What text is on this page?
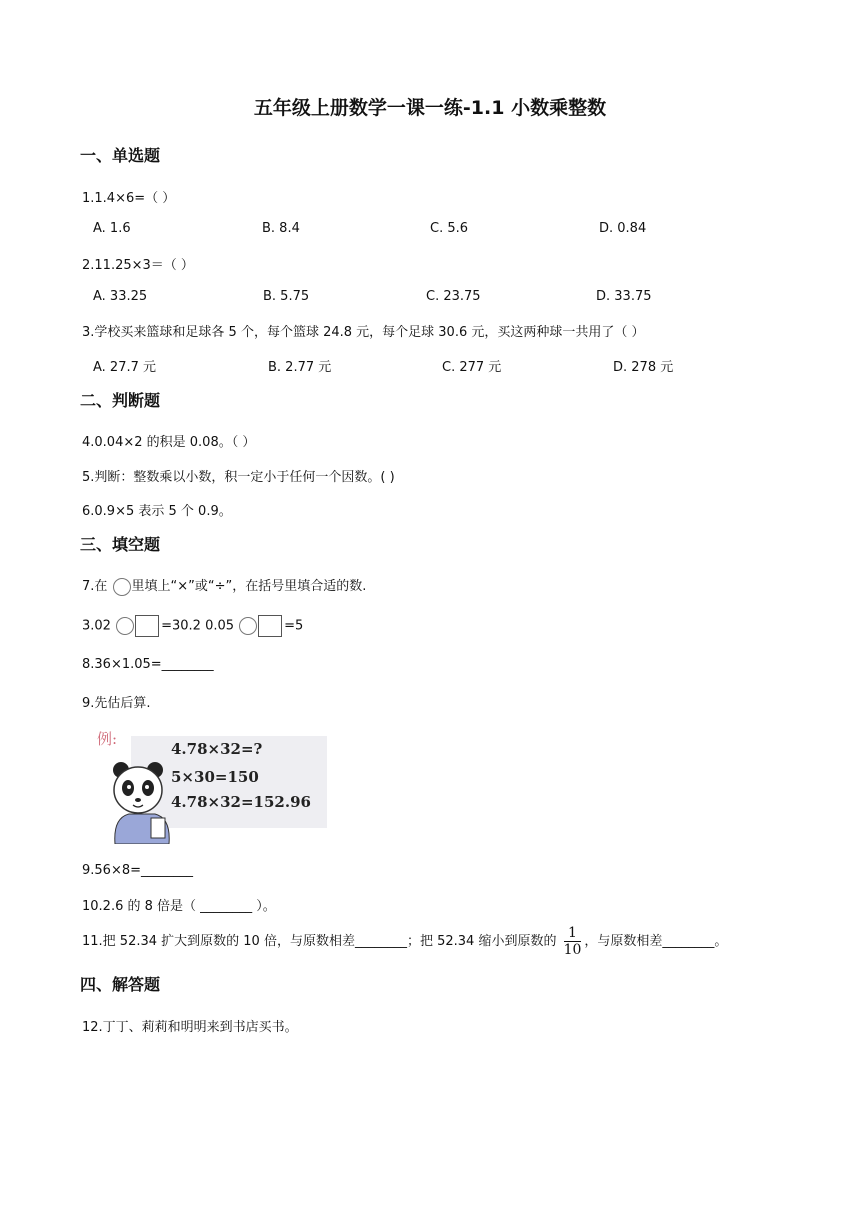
五年级上册数学一课一练-1.1 小数乘整数
一、单选题
1.1.4×6=（ ）
A. 1.6	B. 8.4	C. 5.6	D. 0.84
2.11.25×3＝（ ）
A. 33.25	B. 5.75	C. 23.75	D. 33.75
3.学校买来篮球和足球各 5 个，每个篮球 24.8 元，每个足球 30.6 元，买这两种球一共用了（ ）
A. 27.7 元	B. 2.77 元	C. 277 元	D. 278 元
二、判断题
4.0.04×2 的积是 0.08。（ ）
5.判断：整数乘以小数，积一定小于任何一个因数。( )
6.0.9×5 表示 5 个 0.9。
三、填空题
7.在 里填上“×”或“÷”，在括号里填合适的数.
3.02	=30.2 0.05	=5
8.36×1.05=________
9.先估后算.
例:
4.78×32=?
5×30=150
4.78×32=152.96
9.56×8=________
10.2.6 的 8 倍是（ ________ ）。
11.把 52.34 扩大到原数的 10 倍，与原数相差________；把 52.34 缩小到原数的 $\frac{1}{10}$ ，与原数相差________。
四、解答题
12.丁丁、莉莉和明明来到书店买书。
